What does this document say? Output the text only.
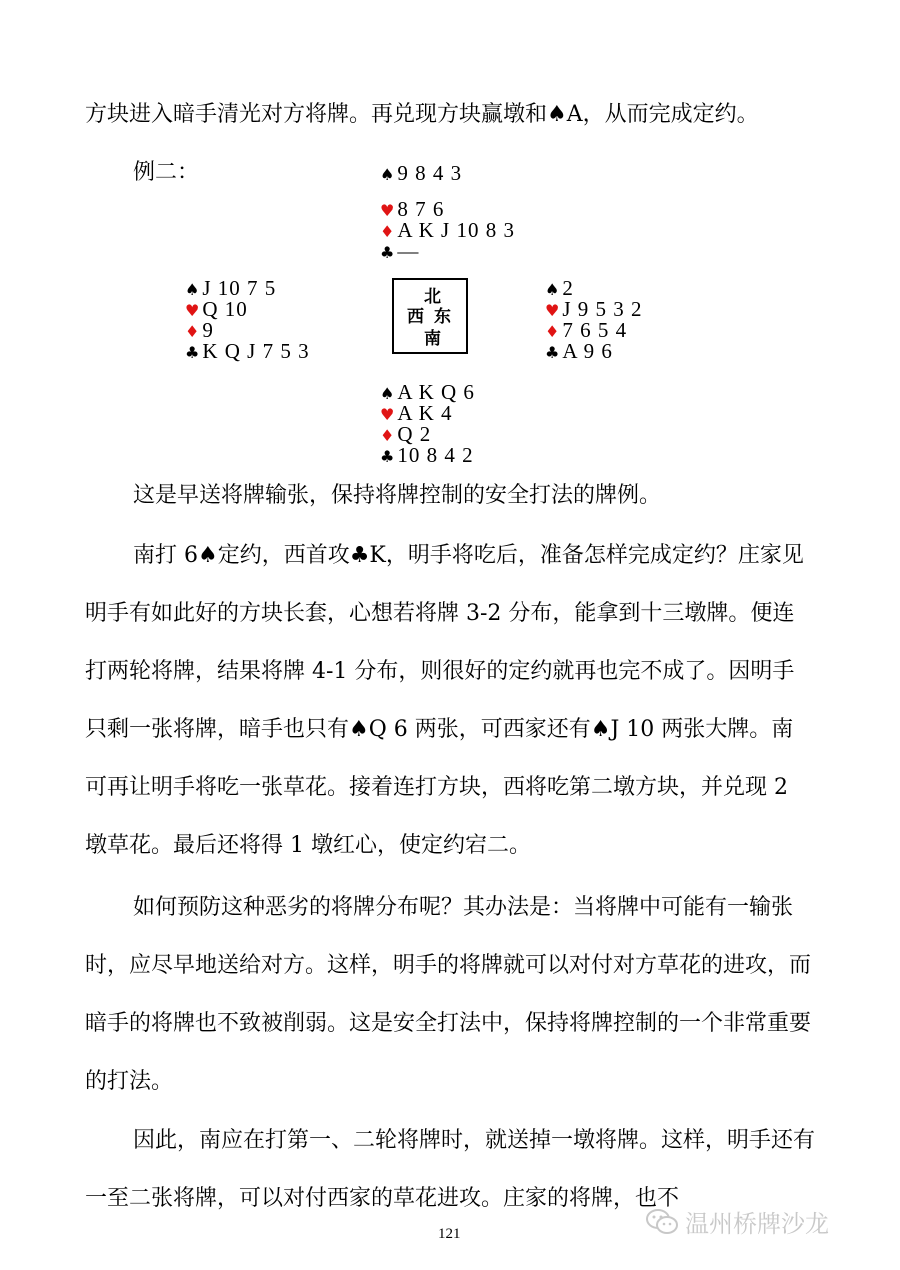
方块进入暗手清光对方将牌。再兑现方块赢墩和♠A，从而完成定约。

例二：	♠9 8 4 3
♥8 7 6
♦A K J 10 8 3
♣—
♠J 10 7 5
♥Q 10
♦9
♣K Q J 7 5 3
北
西 东
南
♠2
♥J 9 5 3 2
♦7 6 5 4
♣A 9 6
♠A K Q 6
♥A K 4
♦Q 2
♣10 8 4 2

这是早送将牌输张，保持将牌控制的安全打法的牌例。

南打 6♠定约，西首攻♣K，明手将吃后，准备怎样完成定约？庄家见明手有如此好的方块长套，心想若将牌 3-2 分布，能拿到十三墩牌。便连打两轮将牌，结果将牌 4-1 分布，则很好的定约就再也完不成了。因明手只剩一张将牌，暗手也只有♠Q 6 两张，可西家还有♠J 10 两张大牌。南可再让明手将吃一张草花。接着连打方块，西将吃第二墩方块，并兑现 2 墩草花。最后还将得 1 墩红心，使定约宕二。

如何预防这种恶劣的将牌分布呢？其办法是：当将牌中可能有一输张时，应尽早地送给对方。这样，明手的将牌就可以对付对方草花的进攻，而暗手的将牌也不致被削弱。这是安全打法中，保持将牌控制的一个非常重要的打法。

因此，南应在打第一、二轮将牌时，就送掉一墩将牌。这样，明手还有一至二张将牌，可以对付西家的草花进攻。庄家的将牌，也不

121	温州桥牌沙龙
